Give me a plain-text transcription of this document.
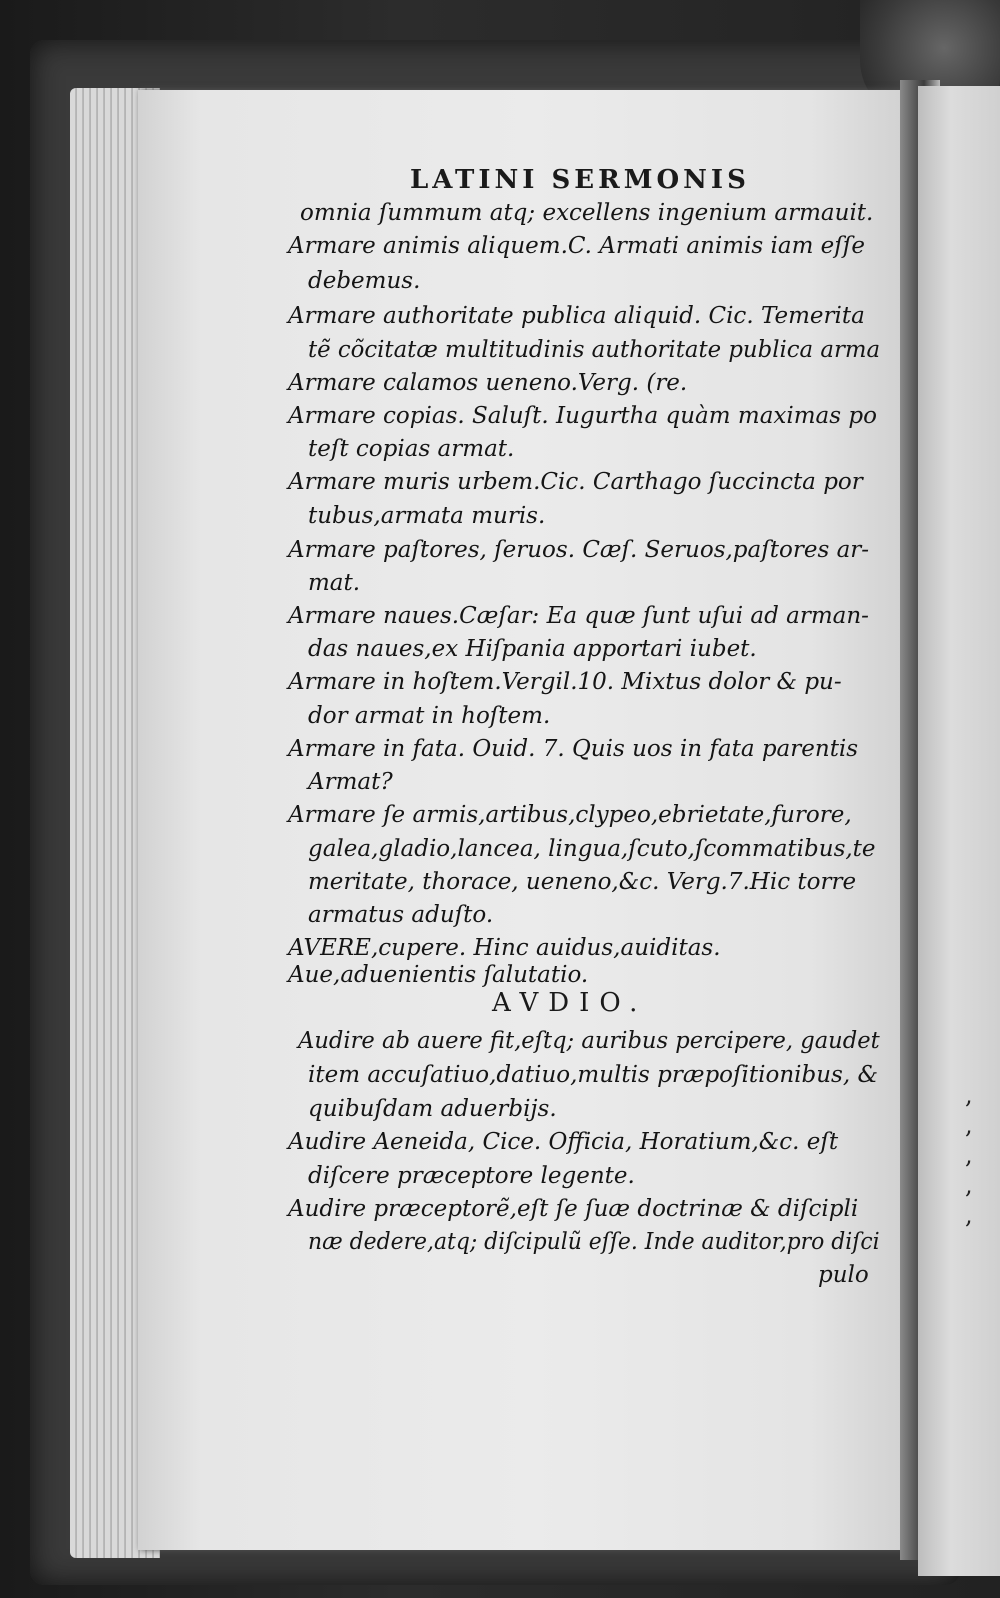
,
,
,
,
,
LATINI SERMONIS
omnia ſummum atq; excellens ingenium armauit.
Armare animis aliquem.C. Armati animis iam eſſe
debemus.
Armare authoritate publica aliquid. Cic. Temerita
tẽ cõcitatæ multitudinis authoritate publica arma
Armare calamos ueneno.Verg. (re.
Armare copias. Saluſt. Iugurtha quàm maximas po
teſt copias armat.
Armare muris urbem.Cic. Carthago ſuccincta por
tubus,armata muris.
Armare paſtores, ſeruos. Cæſ. Seruos,paſtores ar-
mat.
Armare naues.Cæſar: Ea quæ ſunt uſui ad arman-
das naues,ex Hiſpania apportari iubet.
Armare in hoſtem.Vergil.10. Mixtus dolor & pu-
dor armat in hoſtem.
Armare in fata. Ouid. 7. Quis uos in fata parentis
Armat?
Armare ſe armis,artibus,clypeo,ebrietate,furore,
galea,gladio,lancea, lingua,ſcuto,ſcommatibus,te
meritate, thorace, ueneno,&c. Verg.7.Hic torre
armatus aduſto.
AVERE,cupere. Hinc auidus,auiditas.
Aue,aduenientis ſalutatio.
AVDIO.
Audire ab auere fit,eſtq; auribus percipere, gaudet
item accuſatiuo,datiuo,multis præpoſitionibus, &
quibuſdam aduerbijs.
Audire Aeneida, Cice. Officia, Horatium,&c. eſt
diſcere præceptore legente.
Audire præceptorẽ,eſt ſe ſuæ doctrinæ & diſcipli
næ dedere,atq; diſcipulũ eſſe. Inde auditor,pro diſci
pulo
